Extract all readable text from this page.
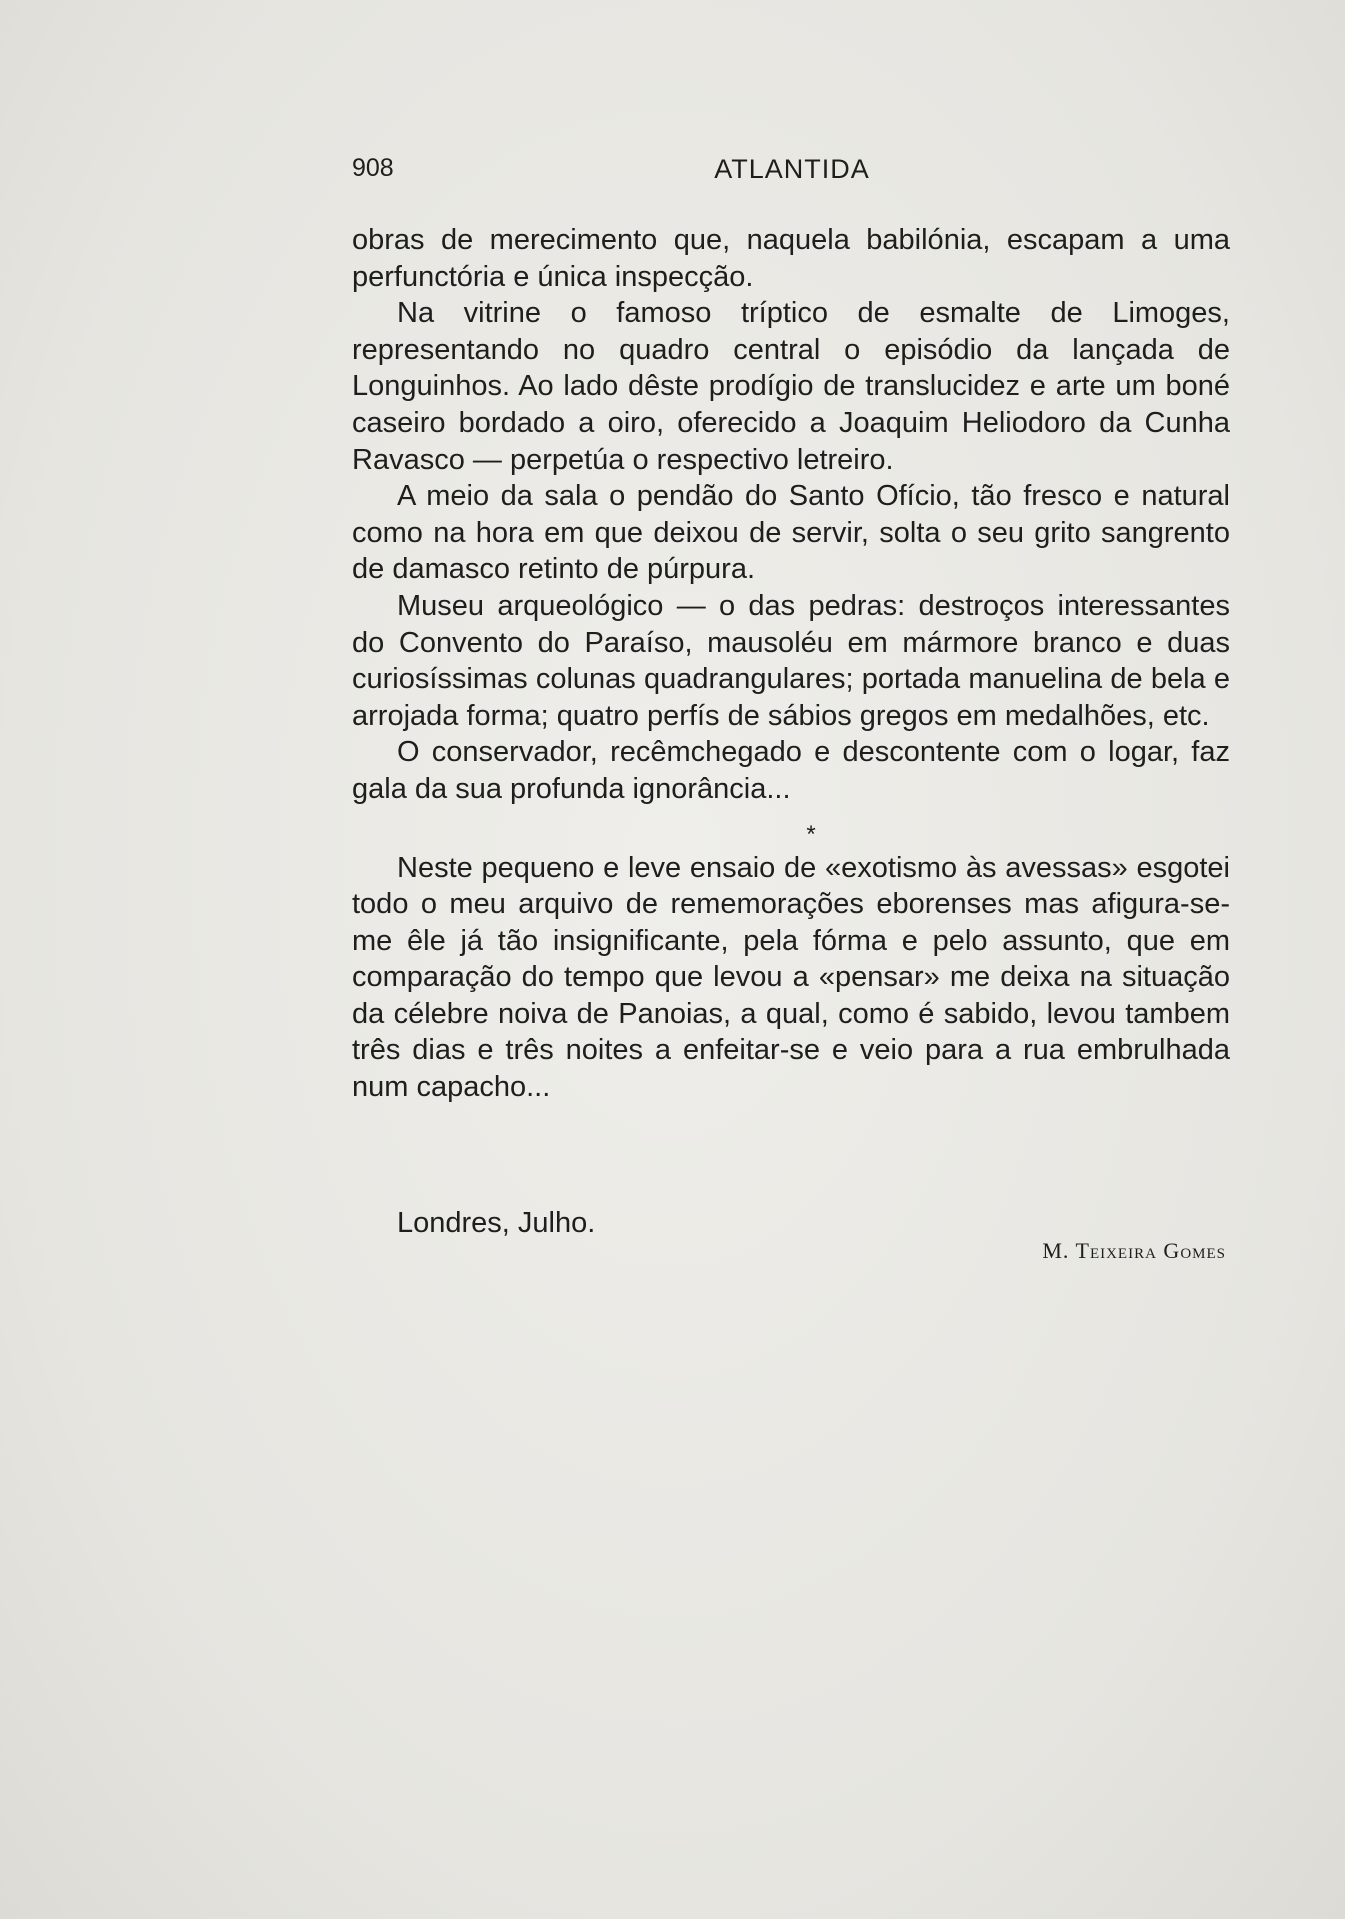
908	ATLANTIDA

obras de merecimento que, naquela babilónia, escapam a uma perfunctória e única inspecção.

Na vitrine o famoso tríptico de esmalte de Limoges, representando no quadro central o episódio da lançada de Longuinhos. Ao lado dêste prodígio de translucidez e arte um boné caseiro bordado a oiro, oferecido a Joaquim Heliodoro da Cunha Ravasco — perpetúa o respectivo letreiro.

A meio da sala o pendão do Santo Ofício, tão fresco e natural como na hora em que deixou de servir, solta o seu grito sangrento de damasco retinto de púrpura.

Museu arqueológico — o das pedras: destroços interessantes do Convento do Paraíso, mausoléu em mármore branco e duas curiosíssimas colunas quadrangulares; portada manuelina de bela e arrojada forma; quatro perfís de sábios gregos em medalhões, etc.

O conservador, recêmchegado e descontente com o logar, faz gala da sua profunda ignorância...

*

Neste pequeno e leve ensaio de «exotismo às avessas» esgotei todo o meu arquivo de rememorações eborenses mas afigura-se-me êle já tão insignificante, pela fórma e pelo assunto, que em comparação do tempo que levou a «pensar» me deixa na situação da célebre noiva de Panoias, a qual, como é sabido, levou tambem três dias e três noites a enfeitar-se e veio para a rua embrulhada num capacho...

Londres, Julho.
M. Teixeira Gomes
